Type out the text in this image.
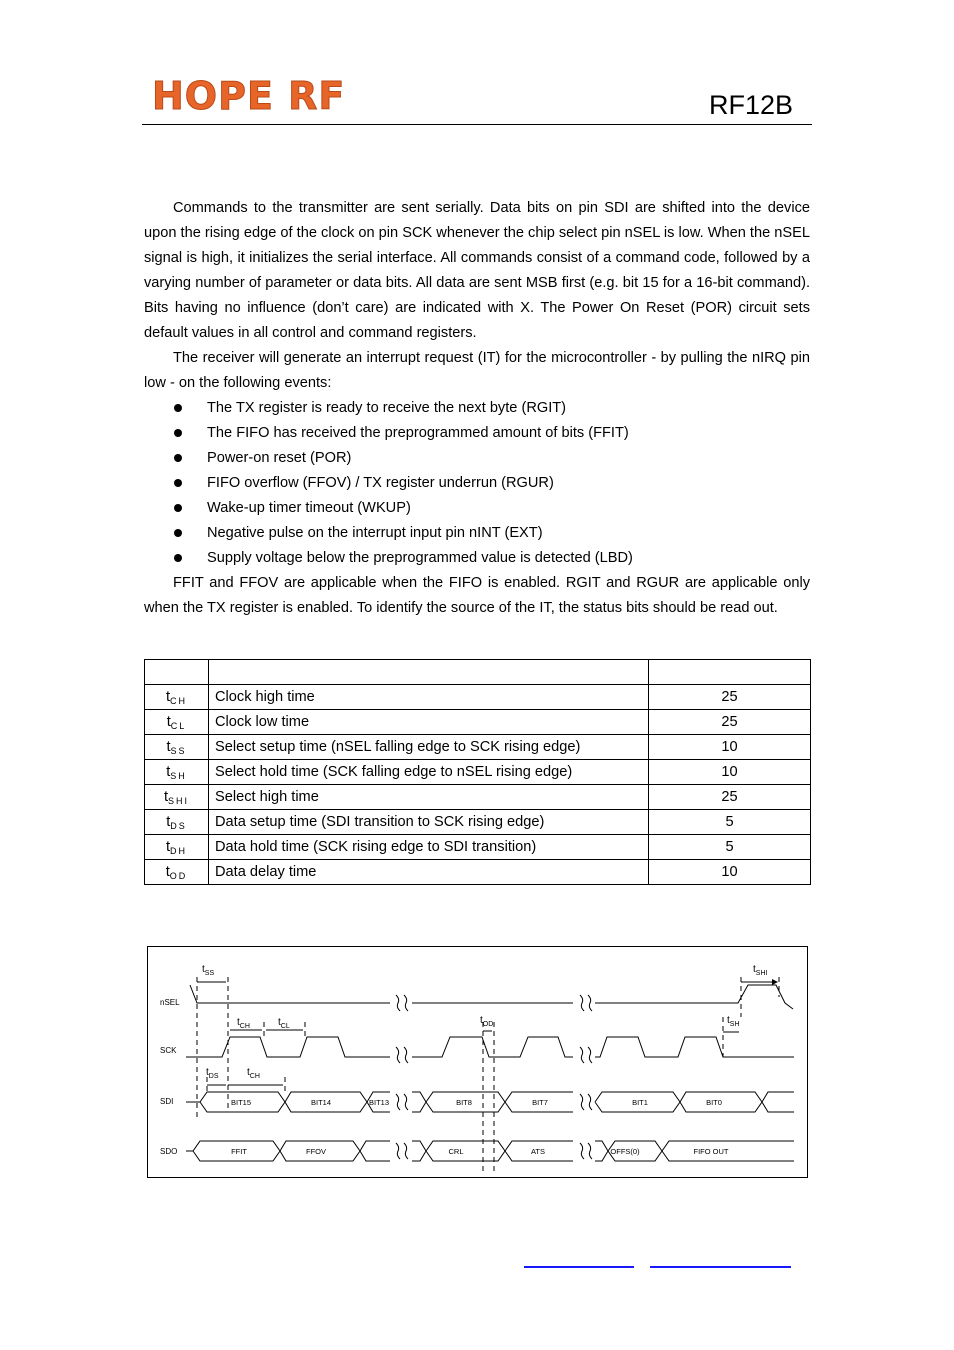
HOPE RF	RF12B
Commands to the transmitter are sent serially. Data bits on pin SDI are shifted into the device upon the rising edge of the clock on pin SCK whenever the chip select pin nSEL is low. When the nSEL signal is high, it initializes the serial interface. All commands consist of a command code, followed by a varying number of parameter or data bits. All data are sent MSB first (e.g. bit 15 for a 16-bit command). Bits having no influence (don’t care) are indicated with X. The Power On Reset (POR) circuit sets default values in all control and command registers.
The receiver will generate an interrupt request (IT) for the microcontroller - by pulling the nIRQ pin low - on the following events:
The TX register is ready to receive the next byte (RGIT)
The FIFO has received the preprogrammed amount of bits (FFIT)
Power-on reset (POR)
FIFO overflow (FFOV) / TX register underrun (RGUR)
Wake-up timer timeout (WKUP)
Negative pulse on the interrupt input pin nINT (EXT)
Supply voltage below the preprogrammed value is detected (LBD)
FFIT and FFOV are applicable when the FIFO is enabled. RGIT and RGUR are applicable only when the TX register is enabled. To identify the source of the IT, the status bits should be read out.

$t_{CH}$	Clock high time	25
$t_{CL}$	Clock low time	25
$t_{SS}$	Select setup time (nSEL falling edge to SCK rising edge)	10
$t_{SH}$	Select hold time (SCK falling edge to nSEL rising edge)	10
$t_{SHI}$	Select high time	25
$t_{DS}$	Data setup time (SDI transition to SCK rising edge)	5
$t_{DH}$	Data hold time (SCK rising edge to SDI transition)	5
$t_{OD}$	Data delay time	10
nSEL
SCK
SDI
SDO
$t_{SS}$
$t_{CH}$	$t_{CL}$
$t_{OD}$	$t_{SH}$
$t_{SHI}$
$t_{DS}$	$t_{CH}$
BIT15	BIT14	BIT13	BIT8	BIT7	BIT1	BIT0
FFIT	FFOV	CRL	ATS	OFFS(0)	FIFO OUT
